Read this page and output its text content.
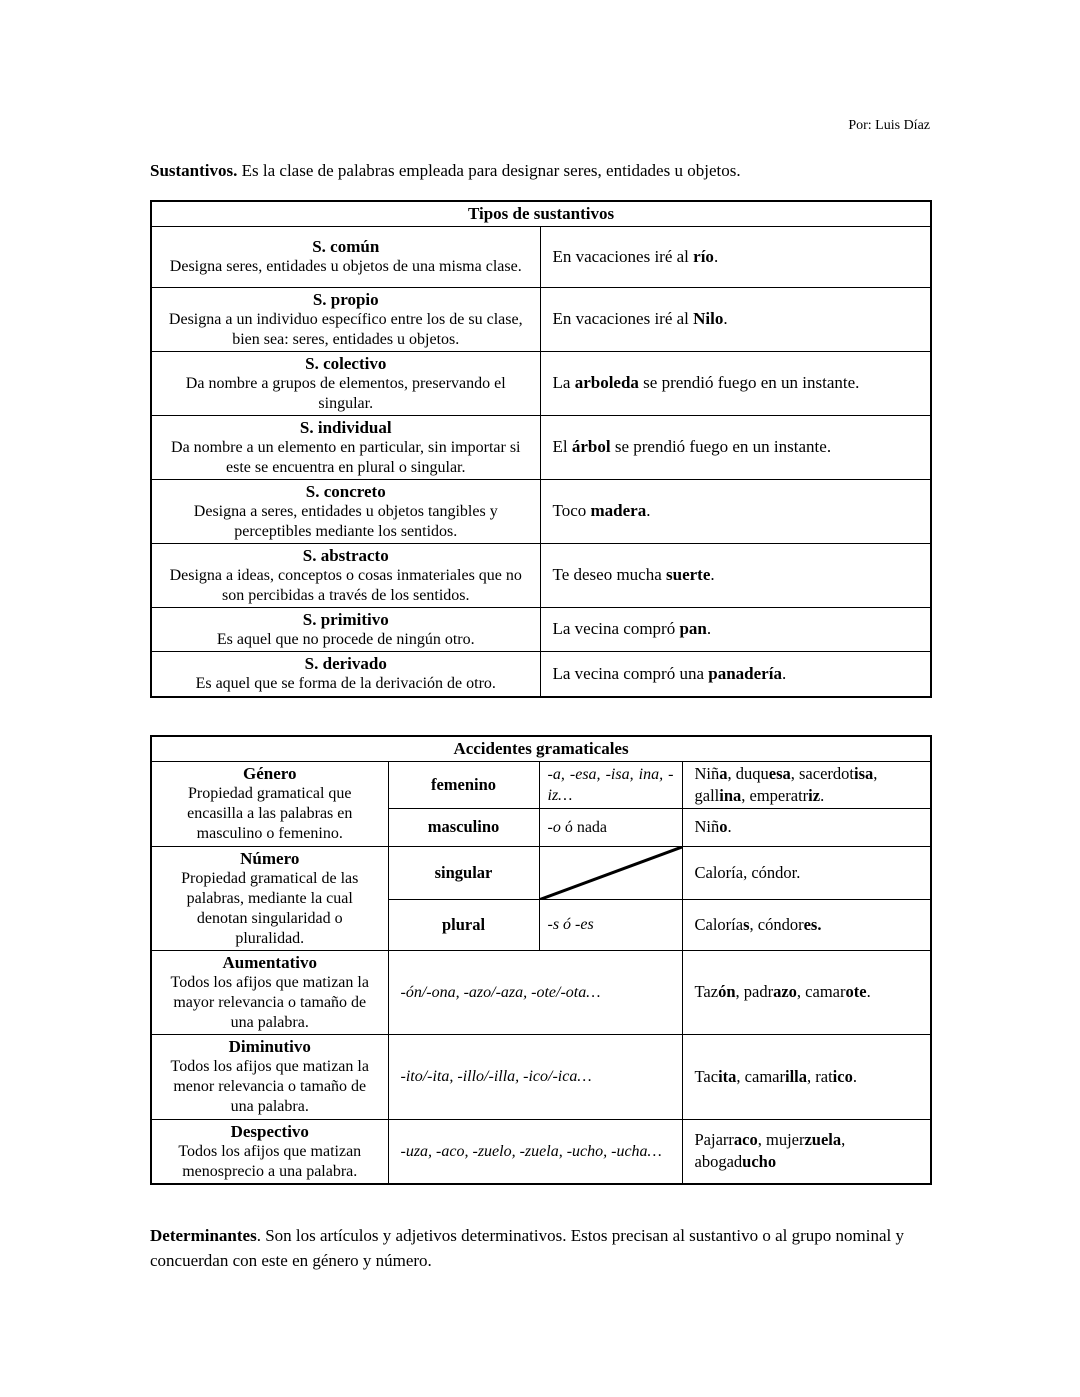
Por: Luis Díaz

Sustantivos. Es la clase de palabras empleada para designar seres, entidades u objetos.

Tipos de sustantivos	

S. común
Designa seres, entidades u objetos de una misma clase.	En vacaciones iré al río.

S. propio
Designa a un individuo específico entre los de su clase, bien sea: seres, entidades u objetos.	En vacaciones iré al Nilo.

S. colectivo
Da nombre a grupos de elementos, preservando el singular.	La arboleda se prendió fuego en un instante.

S. individual
Da nombre a un elemento en particular, sin importar si este se encuentra en plural o singular.	El árbol se prendió fuego en un instante.

S. concreto
Designa a seres, entidades u objetos tangibles y perceptibles mediante los sentidos.	Toco madera.

S. abstracto
Designa a ideas, conceptos o cosas inmateriales que no son percibidas a través de los sentidos.	Te deseo mucha suerte.

S. primitivo
Es aquel que no procede de ningún otro.	La vecina compró pan.

S. derivado
Es aquel que se forma de la derivación de otro.	La vecina compró una panadería.
Accidentes gramaticales			

Género
Propiedad gramatical que encasilla a las palabras en masculino o femenino.	femenino	-a, -esa, -isa, ina, -iz…	Niña, duquesa, sacerdotisa, gallina, emperatriz.
	masculino	-o ó nada	Niño.

Número
Propiedad gramatical de las palabras, mediante la cual denotan singularidad o pluralidad.	singular		Caloría, cóndor.
	plural	-s ó -es	Calorías, cóndores.

Aumentativo
Todos los afijos que matizan la mayor relevancia o tamaño de una palabra.	-ón/-ona, -azo/-aza, -ote/-ota…		Tazón, padrazo, camarote.

Diminutivo
Todos los afijos que matizan la menor relevancia o tamaño de una palabra.	-ito/-ita, -illo/-illa, -ico/-ica…		Tacita, camarilla, ratico.

Despectivo
Todos los afijos que matizan menosprecio a una palabra.	-uza, -aco, -zuelo, -zuela, -ucho, -ucha…		Pajarraco, mujerzuela, abogaducho

Determinantes. Son los artículos y adjetivos determinativos. Estos precisan al sustantivo o al grupo nominal y concuerdan con este en género y número.
